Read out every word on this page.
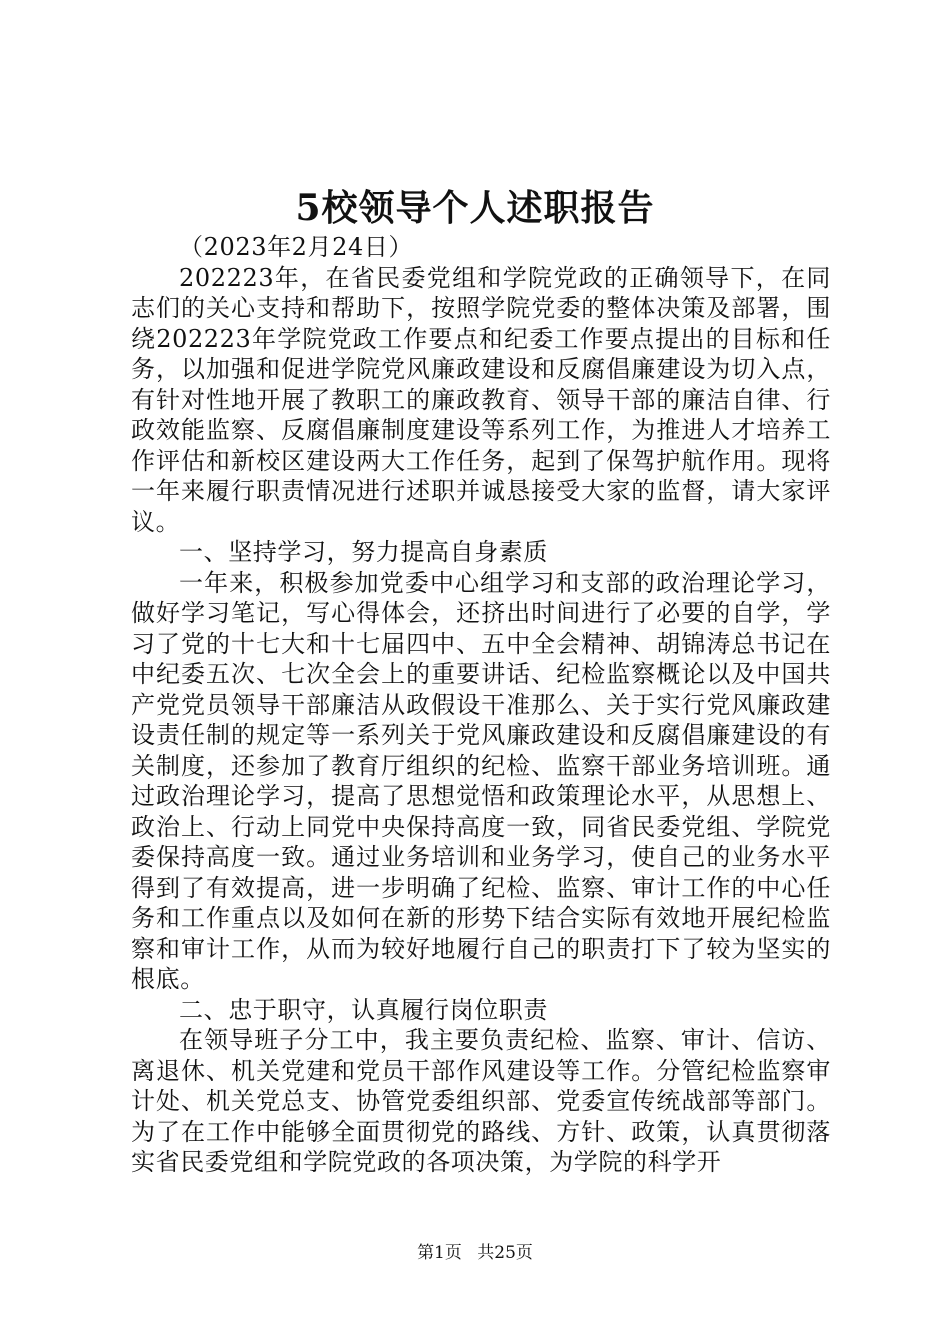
5校领导个人述职报告

（2023年2月24日）

202223年，在省民委党组和学院党政的正确领导下，在同志们的关心支持和帮助下，按照学院党委的整体决策及部署，围绕202223年学院党政工作要点和纪委工作要点提出的目标和任务，以加强和促进学院党风廉政建设和反腐倡廉建设为切入点，有针对性地开展了教职工的廉政教育、领导干部的廉洁自律、行政效能监察、反腐倡廉制度建设等系列工作，为推进人才培养工作评估和新校区建设两大工作任务，起到了保驾护航作用。现将一年来履行职责情况进行述职并诚恳接受大家的监督，请大家评议。

一、坚持学习，努力提高自身素质

一年来，积极参加党委中心组学习和支部的政治理论学习，做好学习笔记，写心得体会，还挤出时间进行了必要的自学，学习了党的十七大和十七届四中、五中全会精神、胡锦涛总书记在中纪委五次、七次全会上的重要讲话、纪检监察概论以及中国共产党党员领导干部廉洁从政假设干准那么、关于实行党风廉政建设责任制的规定等一系列关于党风廉政建设和反腐倡廉建设的有关制度，还参加了教育厅组织的纪检、监察干部业务培训班。通过政治理论学习，提高了思想觉悟和政策理论水平，从思想上、政治上、行动上同党中央保持高度一致，同省民委党组、学院党委保持高度一致。通过业务培训和业务学习，使自己的业务水平得到了有效提高，进一步明确了纪检、监察、审计工作的中心任务和工作重点以及如何在新的形势下结合实际有效地开展纪检监察和审计工作，从而为较好地履行自己的职责打下了较为坚实的根底。

二、忠于职守，认真履行岗位职责

在领导班子分工中，我主要负责纪检、监察、审计、信访、离退休、机关党建和党员干部作风建设等工作。分管纪检监察审计处、机关党总支、协管党委组织部、党委宣传统战部等部门。为了在工作中能够全面贯彻党的路线、方针、政策，认真贯彻落实省民委党组和学院党政的各项决策，为学院的科学开

第1页 共25页
